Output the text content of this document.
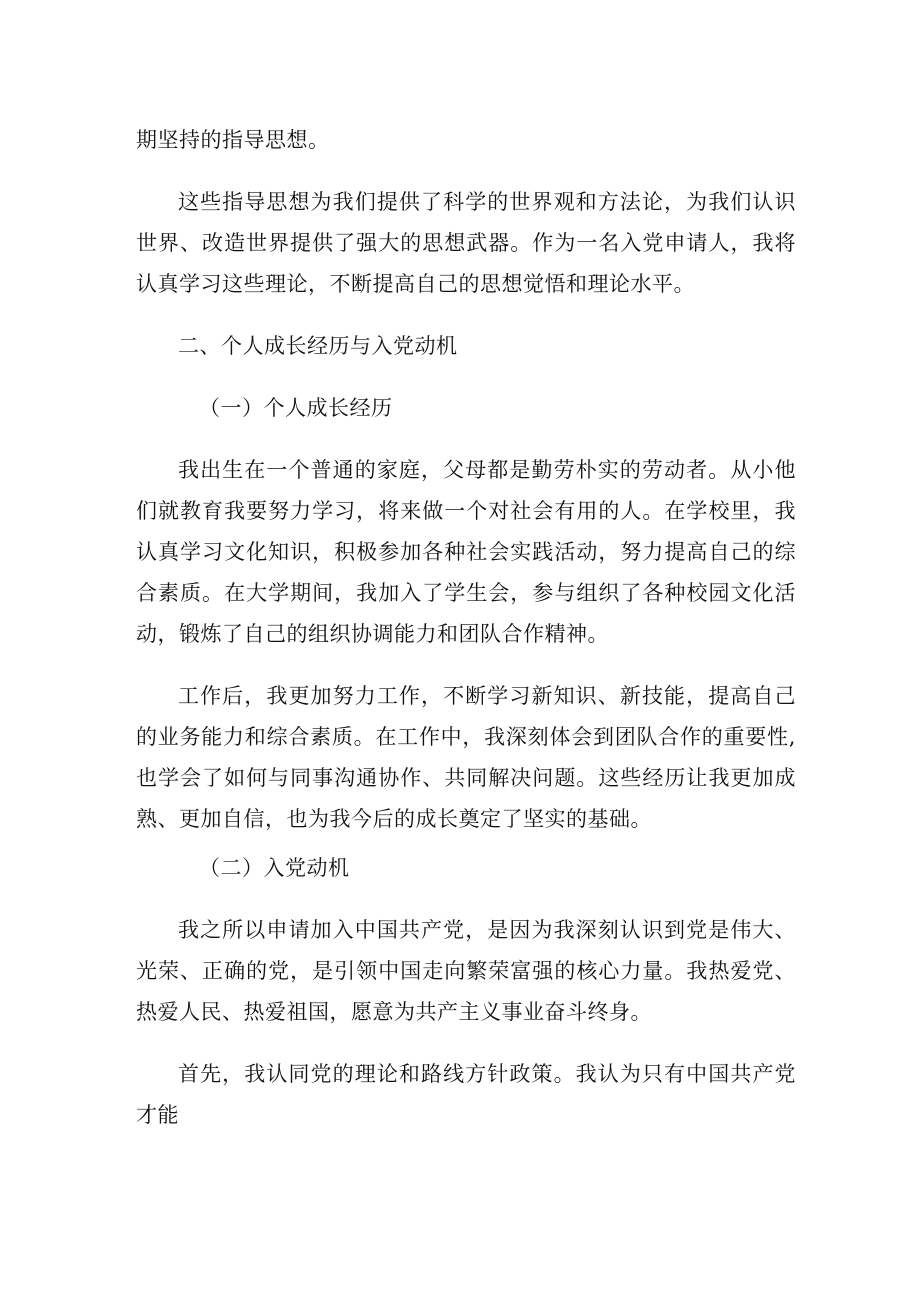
期坚持的指导思想。

这些指导思想为我们提供了科学的世界观和方法论，为我们认识世界、改造世界提供了强大的思想武器。作为一名入党申请人，我将认真学习这些理论，不断提高自己的思想觉悟和理论水平。

二、个人成长经历与入党动机

（一）个人成长经历

我出生在一个普通的家庭，父母都是勤劳朴实的劳动者。从小他们就教育我要努力学习，将来做一个对社会有用的人。在学校里，我认真学习文化知识，积极参加各种社会实践活动，努力提高自己的综合素质。在大学期间，我加入了学生会，参与组织了各种校园文化活动，锻炼了自己的组织协调能力和团队合作精神。

工作后，我更加努力工作，不断学习新知识、新技能，提高自己的业务能力和综合素质。在工作中，我深刻体会到团队合作的重要性,也学会了如何与同事沟通协作、共同解决问题。这些经历让我更加成熟、更加自信，也为我今后的成长奠定了坚实的基础。

（二）入党动机

我之所以申请加入中国共产党，是因为我深刻认识到党是伟大、光荣、正确的党，是引领中国走向繁荣富强的核心力量。我热爱党、热爱人民、热爱祖国，愿意为共产主义事业奋斗终身。

首先，我认同党的理论和路线方针政策。我认为只有中国共产党才能
